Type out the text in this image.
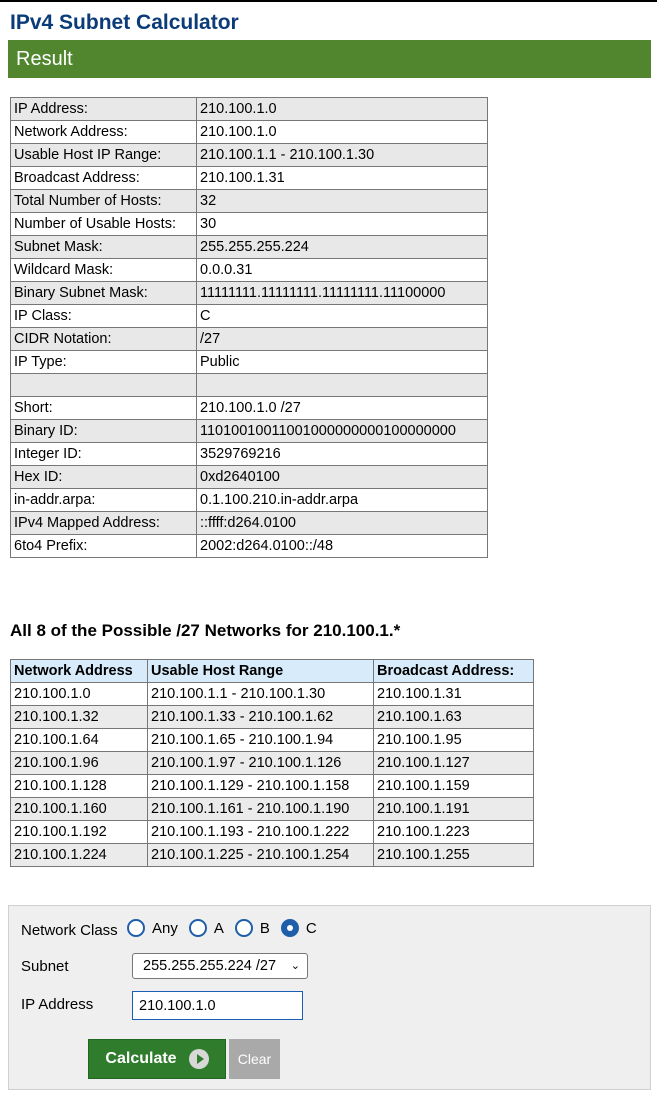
IPv4 Subnet Calculator
Result
IP Address:	210.100.1.0
Network Address:	210.100.1.0
Usable Host IP Range:	210.100.1.1 - 210.100.1.30
Broadcast Address:	210.100.1.31
Total Number of Hosts:	32
Number of Usable Hosts:	30
Subnet Mask:	255.255.255.224
Wildcard Mask:	0.0.0.31
Binary Subnet Mask:	11111111.11111111.11111111.11100000
IP Class:	C
CIDR Notation:	/27
IP Type:	Public

Short:	210.100.1.0 /27
Binary ID:	11010010011001000000000100000000
Integer ID:	3529769216
Hex ID:	0xd2640100
in-addr.arpa:	0.1.100.210.in-addr.arpa
IPv4 Mapped Address:	::ffff:d264.0100
6to4 Prefix:	2002:d264.0100::/48
All 8 of the Possible /27 Networks for 210.100.1.*
Network Address	Usable Host Range	Broadcast Address:
210.100.1.0	210.100.1.1 - 210.100.1.30	210.100.1.31
210.100.1.32	210.100.1.33 - 210.100.1.62	210.100.1.63
210.100.1.64	210.100.1.65 - 210.100.1.94	210.100.1.95
210.100.1.96	210.100.1.97 - 210.100.1.126	210.100.1.127
210.100.1.128	210.100.1.129 - 210.100.1.158	210.100.1.159
210.100.1.160	210.100.1.161 - 210.100.1.190	210.100.1.191
210.100.1.192	210.100.1.193 - 210.100.1.222	210.100.1.223
210.100.1.224	210.100.1.225 - 210.100.1.254	210.100.1.255
Network Class Any A B C
Subnet	255.255.255.224 /27 ⌄
IP Address
210.100.1.0
Calculate	Clear
